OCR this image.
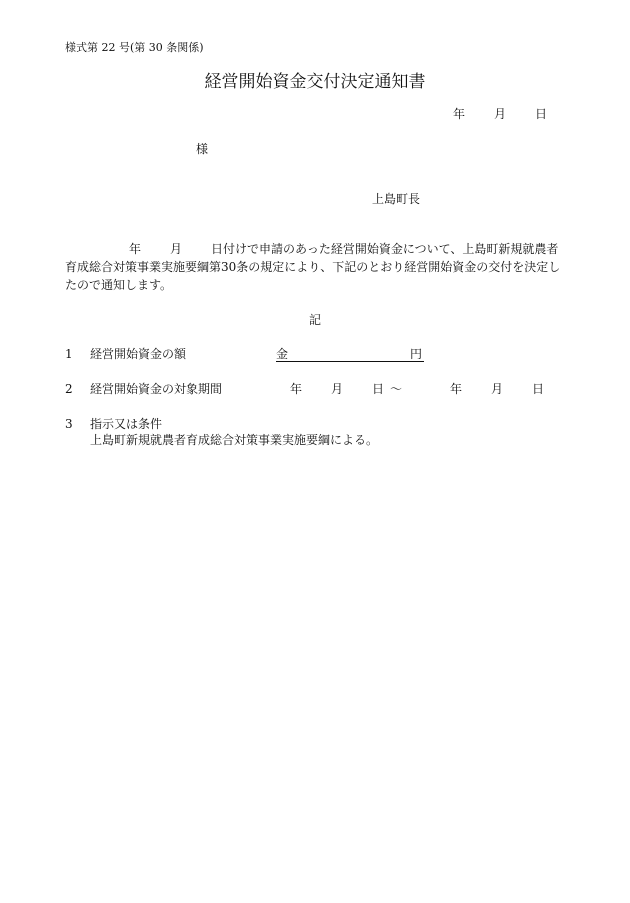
様式第 22 号(第 30 条関係)
経営開始資金交付決定通知書
年 月 日
様
上島町長
年 月 日付けで申請のあった経営開始資金について、上島町新規就農者育成総合対策事業実施要綱第30条の規定により、下記のとおり経営開始資金の交付を決定したので通知します。
記
1 経営開始資金の額	金	円
2 経営開始資金の対象期間	年 月 日 〜	年 月 日
3 指示又は条件
上島町新規就農者育成総合対策事業実施要綱による。
